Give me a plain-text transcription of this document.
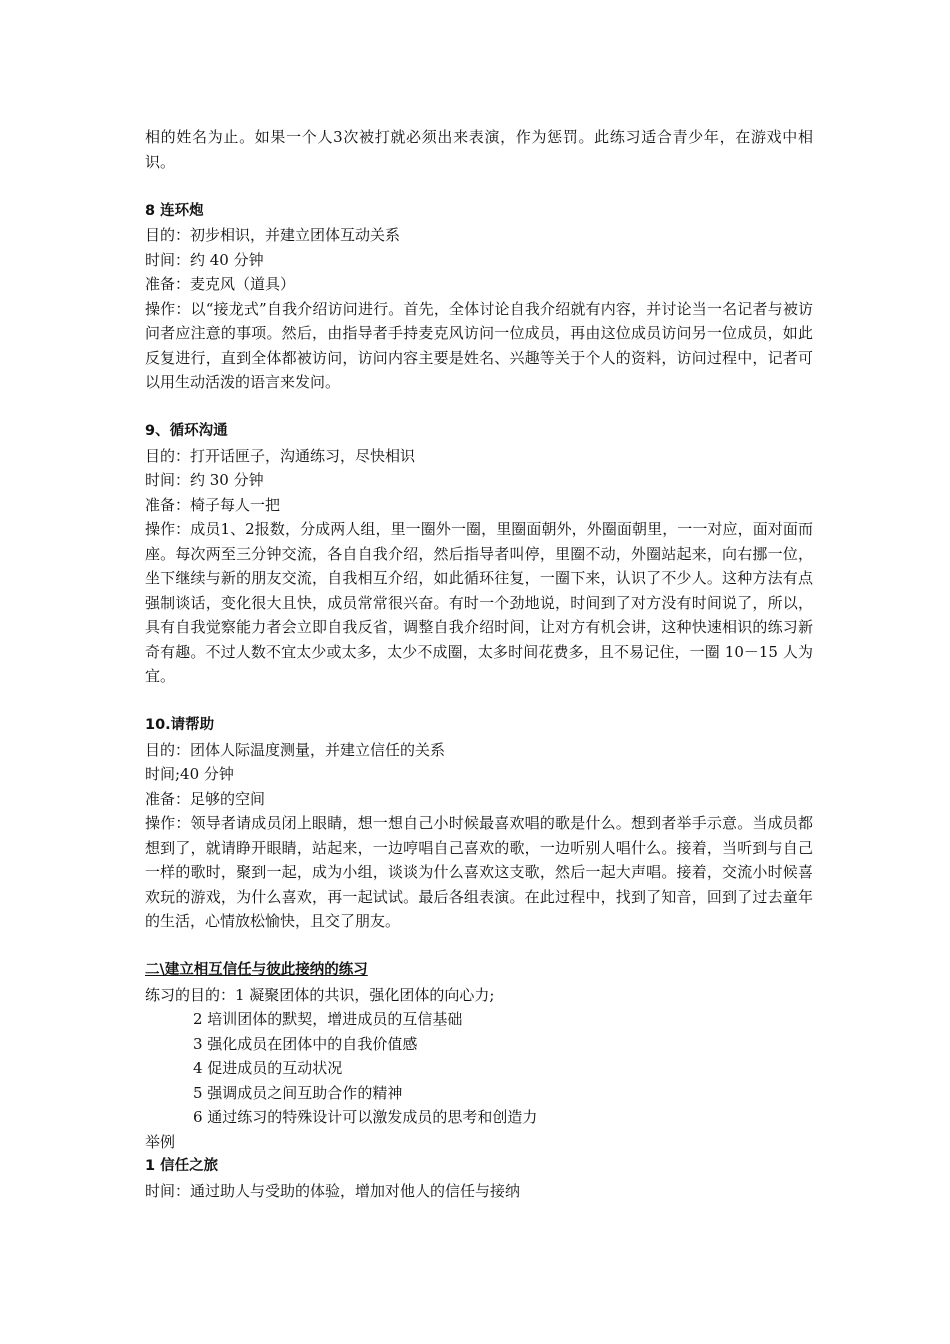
相的姓名为止。如果一个人3次被打就必须出来表演，作为惩罚。此练习适合青少年，在游戏中相识。

8 连环炮

目的：初步相识，并建立团体互动关系

时间：约 40 分钟

准备：麦克风（道具）

操作：以“接龙式”自我介绍访问进行。首先，全体讨论自我介绍就有内容，并讨论当一名记者与被访问者应注意的事项。然后，由指导者手持麦克风访问一位成员，再由这位成员访问另一位成员，如此反复进行，直到全体都被访问，访问内容主要是姓名、兴趣等关于个人的资料，访问过程中，记者可以用生动活泼的语言来发问。

9、循环沟通

目的：打开话匣子，沟通练习，尽快相识

时间：约 30 分钟

准备：椅子每人一把

操作：成员1、2报数，分成两人组，里一圈外一圈，里圈面朝外，外圈面朝里，一一对应，面对面而座。每次两至三分钟交流，各自自我介绍，然后指导者叫停，里圈不动，外圈站起来，向右挪一位，坐下继续与新的朋友交流，自我相互介绍，如此循环往复，一圈下来，认识了不少人。这种方法有点强制谈话，变化很大且快，成员常常很兴奋。有时一个劲地说，时间到了对方没有时间说了，所以，具有自我觉察能力者会立即自我反省，调整自我介绍时间，让对方有机会讲，这种快速相识的练习新奇有趣。不过人数不宜太少或太多，太少不成圈，太多时间花费多，且不易记住，一圈 10－15 人为宜。

10.请帮助

目的：团体人际温度测量，并建立信任的关系

时间;40 分钟

准备：足够的空间

操作：领导者请成员闭上眼睛，想一想自己小时候最喜欢唱的歌是什么。想到者举手示意。当成员都想到了，就请睁开眼睛，站起来，一边哼唱自己喜欢的歌，一边听别人唱什么。接着，当听到与自己一样的歌时，聚到一起，成为小组，谈谈为什么喜欢这支歌，然后一起大声唱。接着，交流小时候喜欢玩的游戏，为什么喜欢，再一起试试。最后各组表演。在此过程中，找到了知音，回到了过去童年的生活，心情放松愉快，且交了朋友。

二\建立相互信任与彼此接纳的练习

练习的目的：1 凝聚团体的共识，强化团体的向心力;

2 培训团体的默契，增进成员的互信基础

3 强化成员在团体中的自我价值感

4 促进成员的互动状况

5 强调成员之间互助合作的精神

6 通过练习的特殊设计可以激发成员的思考和创造力

举例

1 信任之旅

时间：通过助人与受助的体验，增加对他人的信任与接纳
